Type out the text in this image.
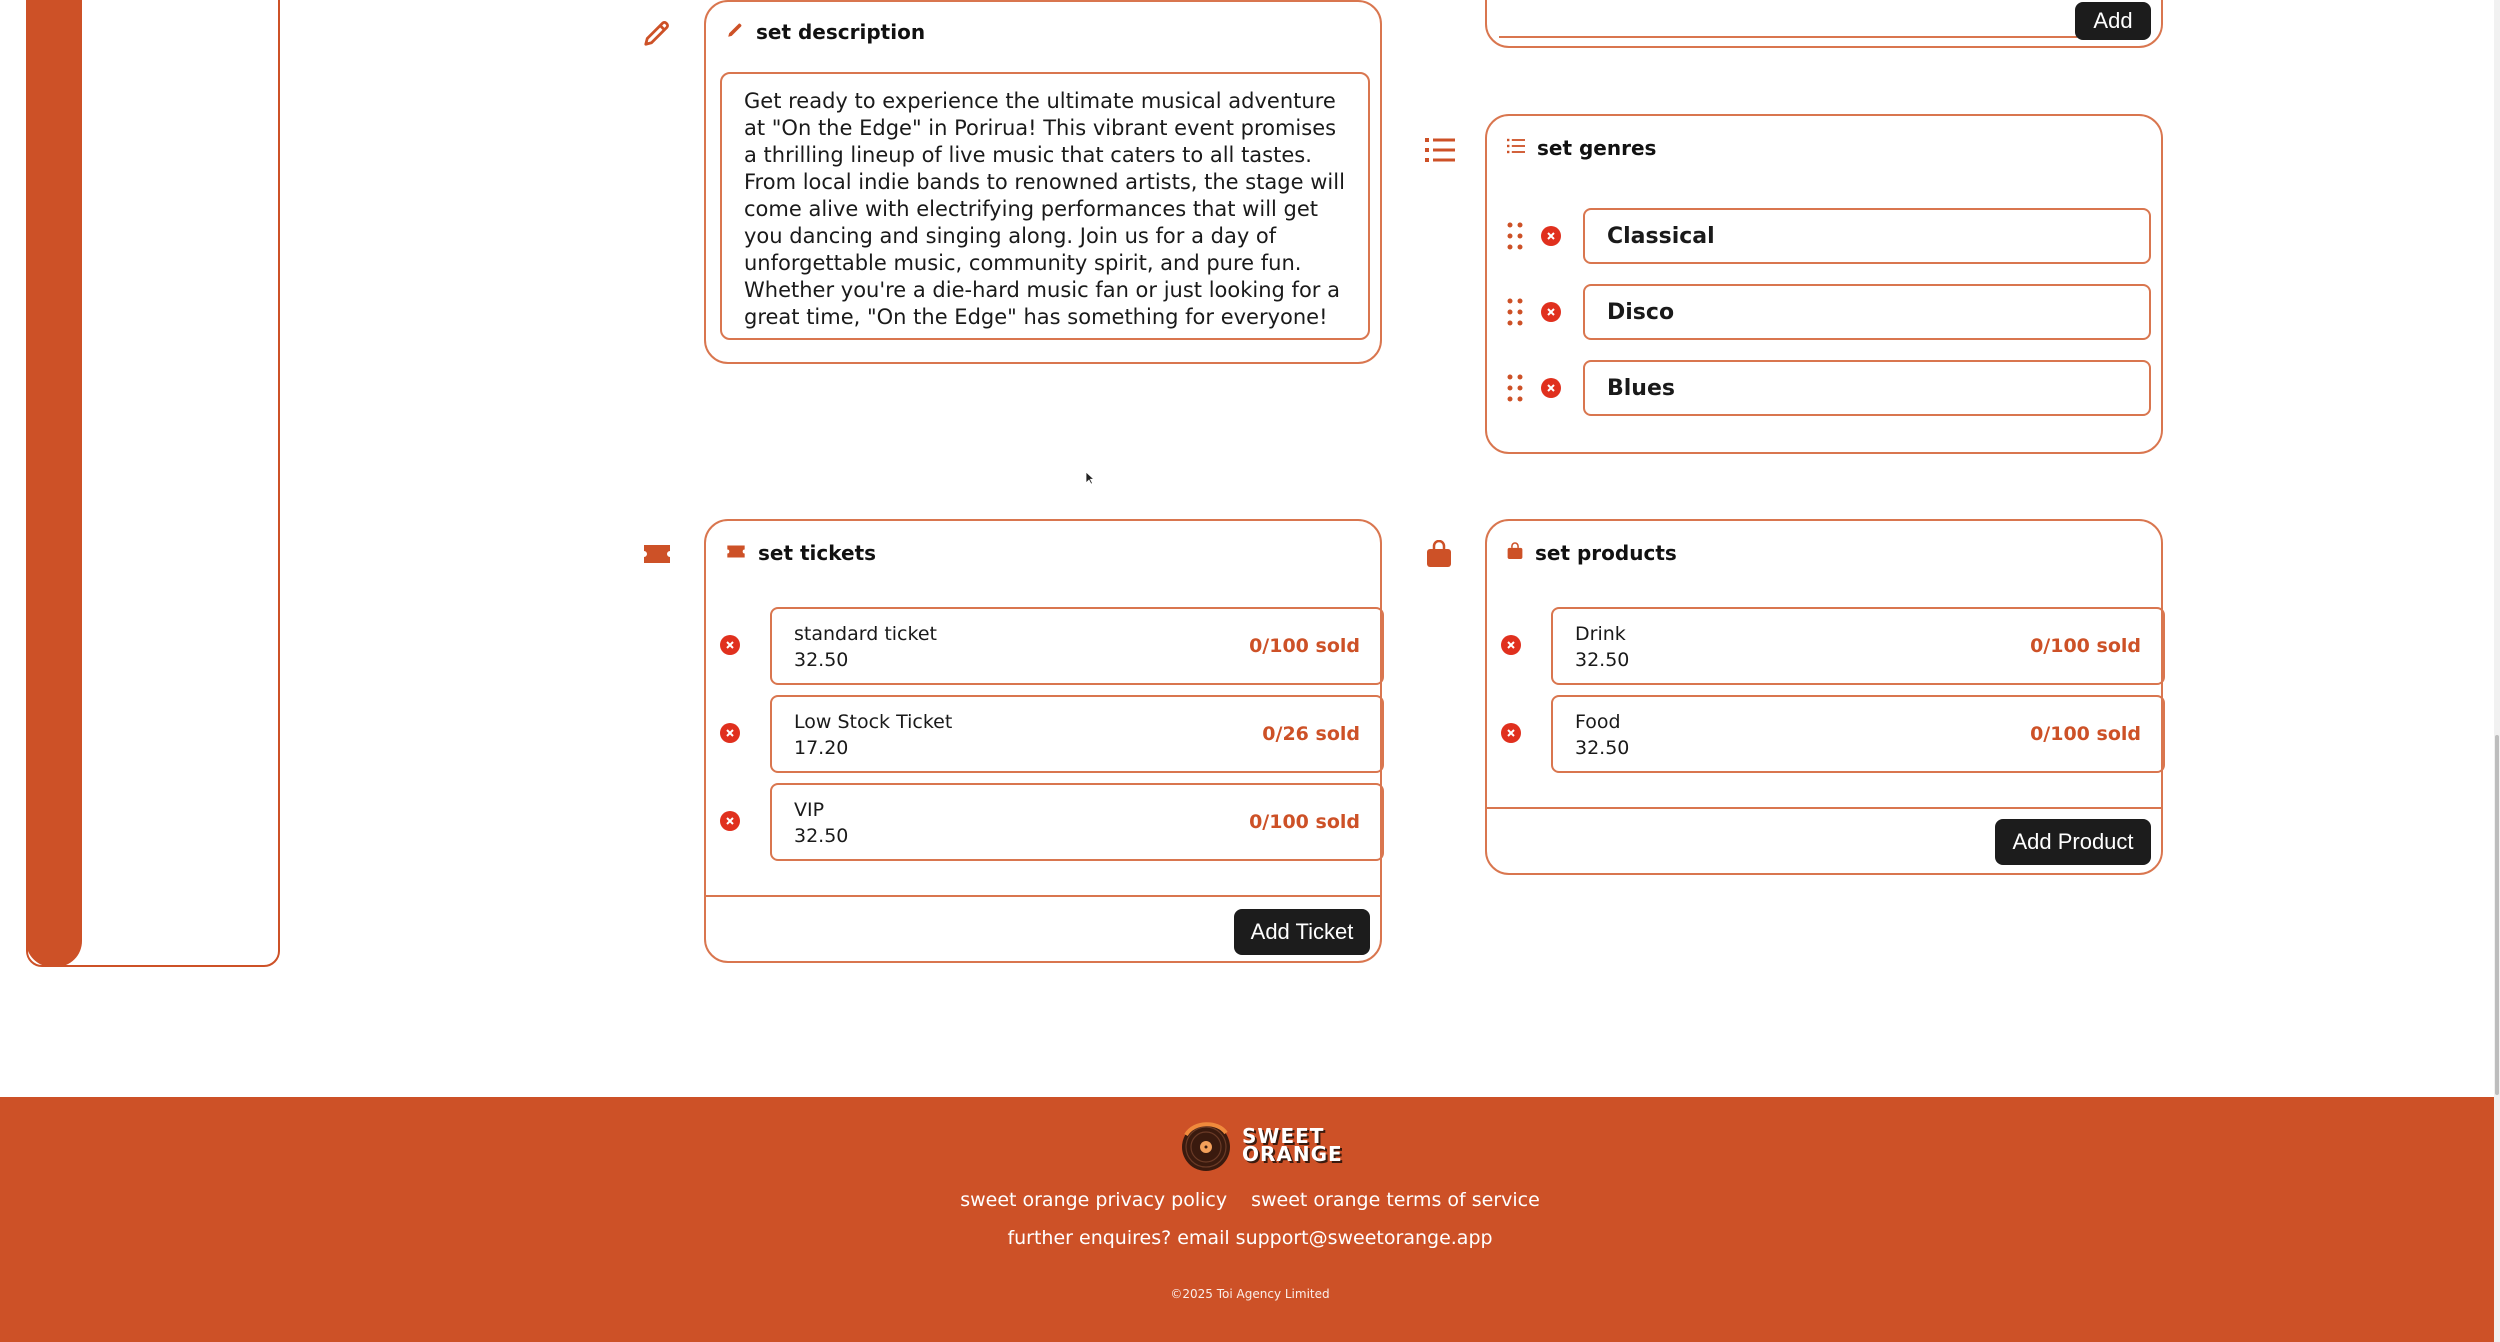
set description
Get ready to experience the ultimate musical adventure at "On the Edge" in Porirua! This vibrant event promises a thrilling lineup of live music that caters to all tastes. From local indie bands to renowned artists, the stage will come alive with electrifying performances that will get you dancing and singing along. Join us for a day of unforgettable music, community spirit, and pure fun. Whether you're a die-hard music fan or just looking for a great time, "On the Edge" has something for everyone!
Add
set genres
Classical
Disco
Blues
set tickets
standard ticket
32.50
0/100 sold
Low Stock Ticket
17.20
0/26 sold
VIP
32.50
0/100 sold
Add Ticket
set products
Drink
32.50
0/100 sold
Food
32.50
0/100 sold
Add Product
SWEET
ORANGE
sweet orange privacy policy sweet orange terms of service
further enquires? email support@sweetorange.app
©2025 Toi Agency Limited
